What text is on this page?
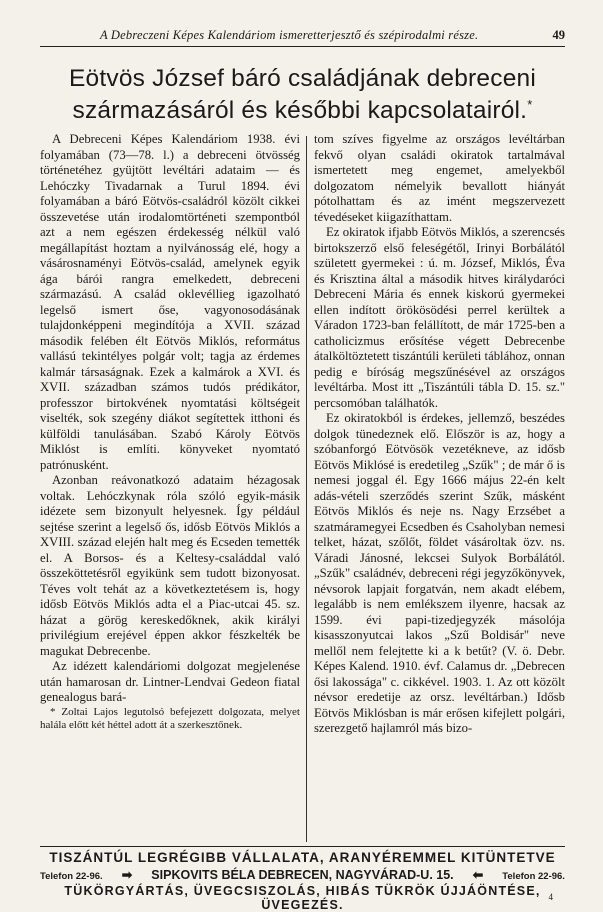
A Debreczeni Képes Kalendáriom ismeretterjesztő és szépirodalmi része.	49
Eötvös József báró családjának debreceni
származásáról és későbbi kapcsolatairól.*

A Debreceni Képes Kalendáriom 1938. évi folyamában (73—78. l.) a debreceni ötvösség történetéhez gyüjtött levéltári adataim — és Lehóczky Tivadarnak a Turul 1894. évi folyamában a báró Eötvös-családról közölt cikkei összevetése után irodalomtörténeti szempontból azt a nem egészen érdekesség nélkül való megállapítást hoztam a nyilvánosság elé, hogy a vásárosnaményi Eötvös-család, amelynek egyik ága bárói rangra emelkedett, debreceni származású. A család oklevéllieg igazolható legelső ismert őse, vagyonosodásának tulajdonképpeni megindítója a XVII. század második felében élt Eötvös Miklós, református vallású tekintélyes polgár volt; tagja az érdemes kalmár társaságnak. Ezek a kalmárok a XVI. és XVII. században számos tudós prédikátor, professzor birtokvének nyomtatási költségeit viselték, sok szegény diákot segítettek itthoni és külföldi tanulásában. Szabó Károly Eötvös Miklóst is említi. könyveket nyomtató patrónusként.

Azonban reávonatkozó adataim hézagosak voltak. Lehóczkynak róla szóló egyik-másik idézete sem bizonyult helyesnek. Így például sejtése szerint a legelső ős, idősb Eötvös Miklós a XVIII. század elején halt meg és Ecseden temették el. A Borsos- és a Keltesy-családdal való összeköttetésről egyikünk sem tudott bizonyosat. Téves volt tehát az a következtetésem is, hogy idősb Eötvös Miklós adta el a Piac-utcai 45. sz. házat a görög kereskedőknek, akik királyi privilégium erejével éppen akkor fészkelték be magukat Debrecenbe.

Az idézett kalendáriomi dolgozat megjelenése után hamarosan dr. Lintner-Lendvai Gedeon fiatal genealogus bará-

* Zoltai Lajos legutolsó befejezett dolgozata, melyet halála előtt két héttel adott át a szerkesztőnek.

tom szíves figyelme az országos levéltárban fekvő olyan családi okiratok tartalmával ismertetett meg engemet, amelyekből dolgozatom némelyik bevallott hiányát pótolhattam és az imént megszervezett tévedéseket kiigazíthattam.

Ez okiratok ifjabb Eötvös Miklós, a szerencsés birtokszerző első feleségétől, Irinyi Borbálától született gyermekei : ú. m. József, Miklós, Éva és Krisztina által a második hitves királydaróci Debreceni Mária és ennek kiskorú gyermekei ellen indított örökösödési perrel kerültek a Váradon 1723-ban felállított, de már 1725-ben a catholicizmus erősítése végett Debrecenbe átalköltöztetett tiszántúli kerületi táblához, onnan pedig e bíróság megszűnésével az országos levéltárba. Most itt „Tiszántúli tábla D. 15. sz." percsomóban találhatók.

Ez okiratokból is érdekes, jellemző, beszédes dolgok tünedeznek elő. Először is az, hogy a szóbanforgó Eötvösök vezetékneve, az idősb Eötvös Miklósé is eredetileg „Szűk" ; de már ő is nemesi joggal él. Egy 1666 május 22-én kelt adás-vételi szerződés szerint Szűk, másként Eötvös Miklós és neje ns. Nagy Erzsébet a szatmáramegyei Ecsedben és Csaholyban nemesi telket, házat, szőlőt, földet vásároltak özv. ns. Váradi Jánosné, lekcsei Sulyok Borbálától. „Szűk" családnév, debreceni régi jegyzőkönyvek, névsorok lapjait forgatván, nem akadt elébem, legalább is nem emlékszem ilyenre, hacsak az 1599. évi papi-tizedjegyzék másolója kisasszonyutcai lakos „Szű Boldisár" neve mellől nem felejtette ki a k betűt? (V. ö. Debr. Képes Kalend. 1910. évf. Calamus dr. „Debrecen ősi lakossága" c. cikkével. 1903. 1. Az ott közölt névsor eredetije az orsz. levéltárban.) Idősb Eötvös Miklósban is már erősen kifejlett polgári, szerezgető hajlamról más bizo-

TISZÁNTÚL LEGRÉGIBB VÁLLALATA, ARANYÉREMMEL KITÜNTETVE
Telefon 22-96. ➡ SIPKOVITS BÉLA DEBRECEN, NAGYVÁRAD-U. 15. ⬅ Telefon 22-96.
TÜKÖRGYÁRTÁS, ÜVEGCSISZOLÁS, HIBÁS TÜKRÖK ÚJJÁÖNTÉSE, ÜVEGEZÉS.
4
